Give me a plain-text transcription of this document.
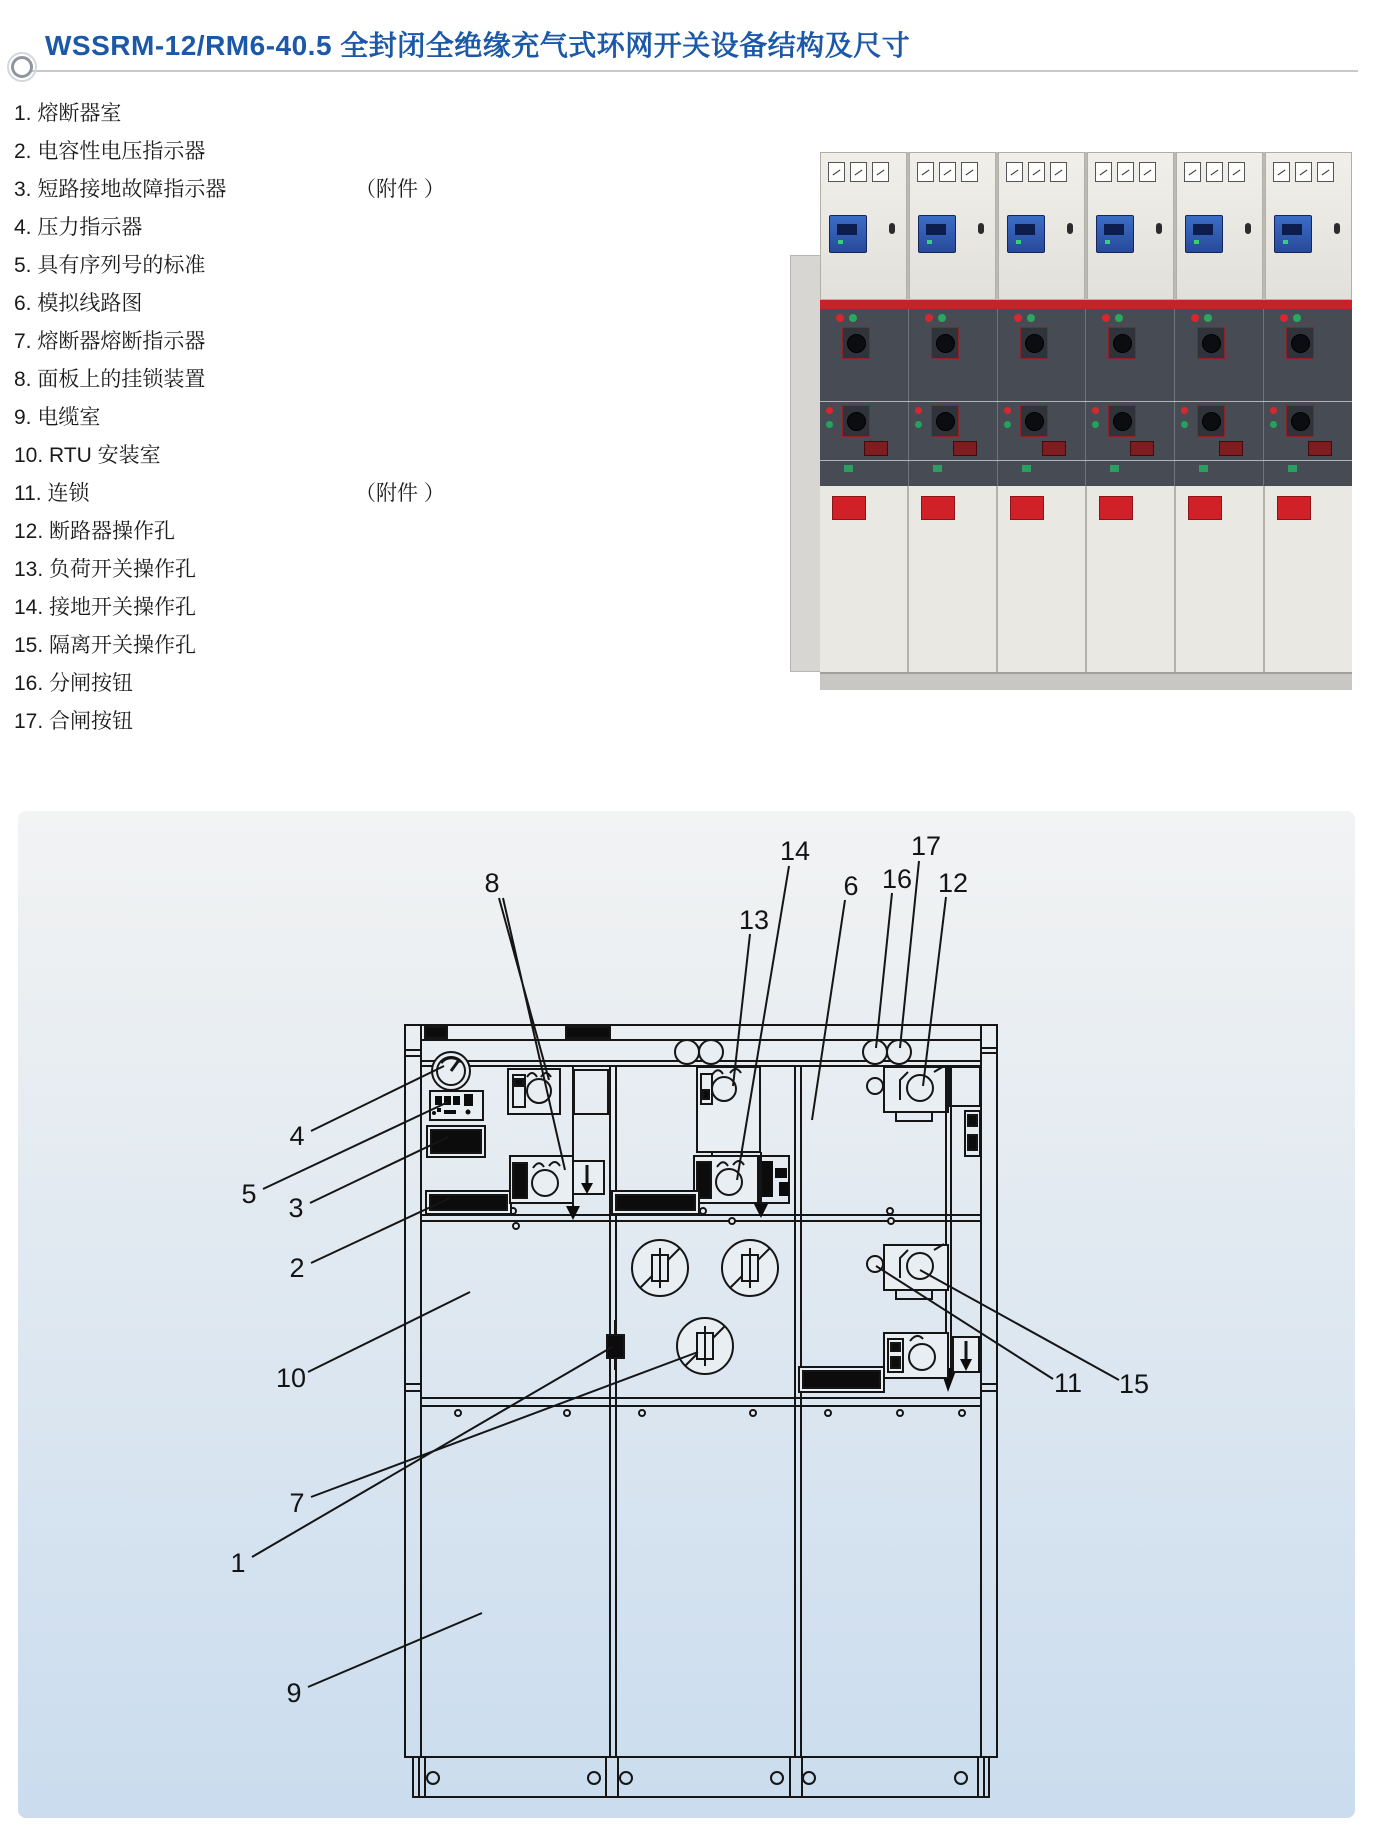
WSSRM-12/RM6-40.5 全封闭全绝缘充气式环网开关设备结构及尺寸
1. 熔断器室
2. 电容性电压指示器
3. 短路接地故障指示器	（附件 ）
4. 压力指示器
5. 具有序列号的标准
6. 模拟线路图
7. 熔断器熔断指示器
8. 面板上的挂锁装置
9. 电缆室
10. RTU 安装室
11. 连锁	（附件 ）
12. 断路器操作孔
13. 负荷开关操作孔
14. 接地开关操作孔
15. 隔离开关操作孔
16. 分闸按钮
17. 合闸按钮
1
2
3
4
5
6
7
8
9
10	11
12
13
14
15
16
17
